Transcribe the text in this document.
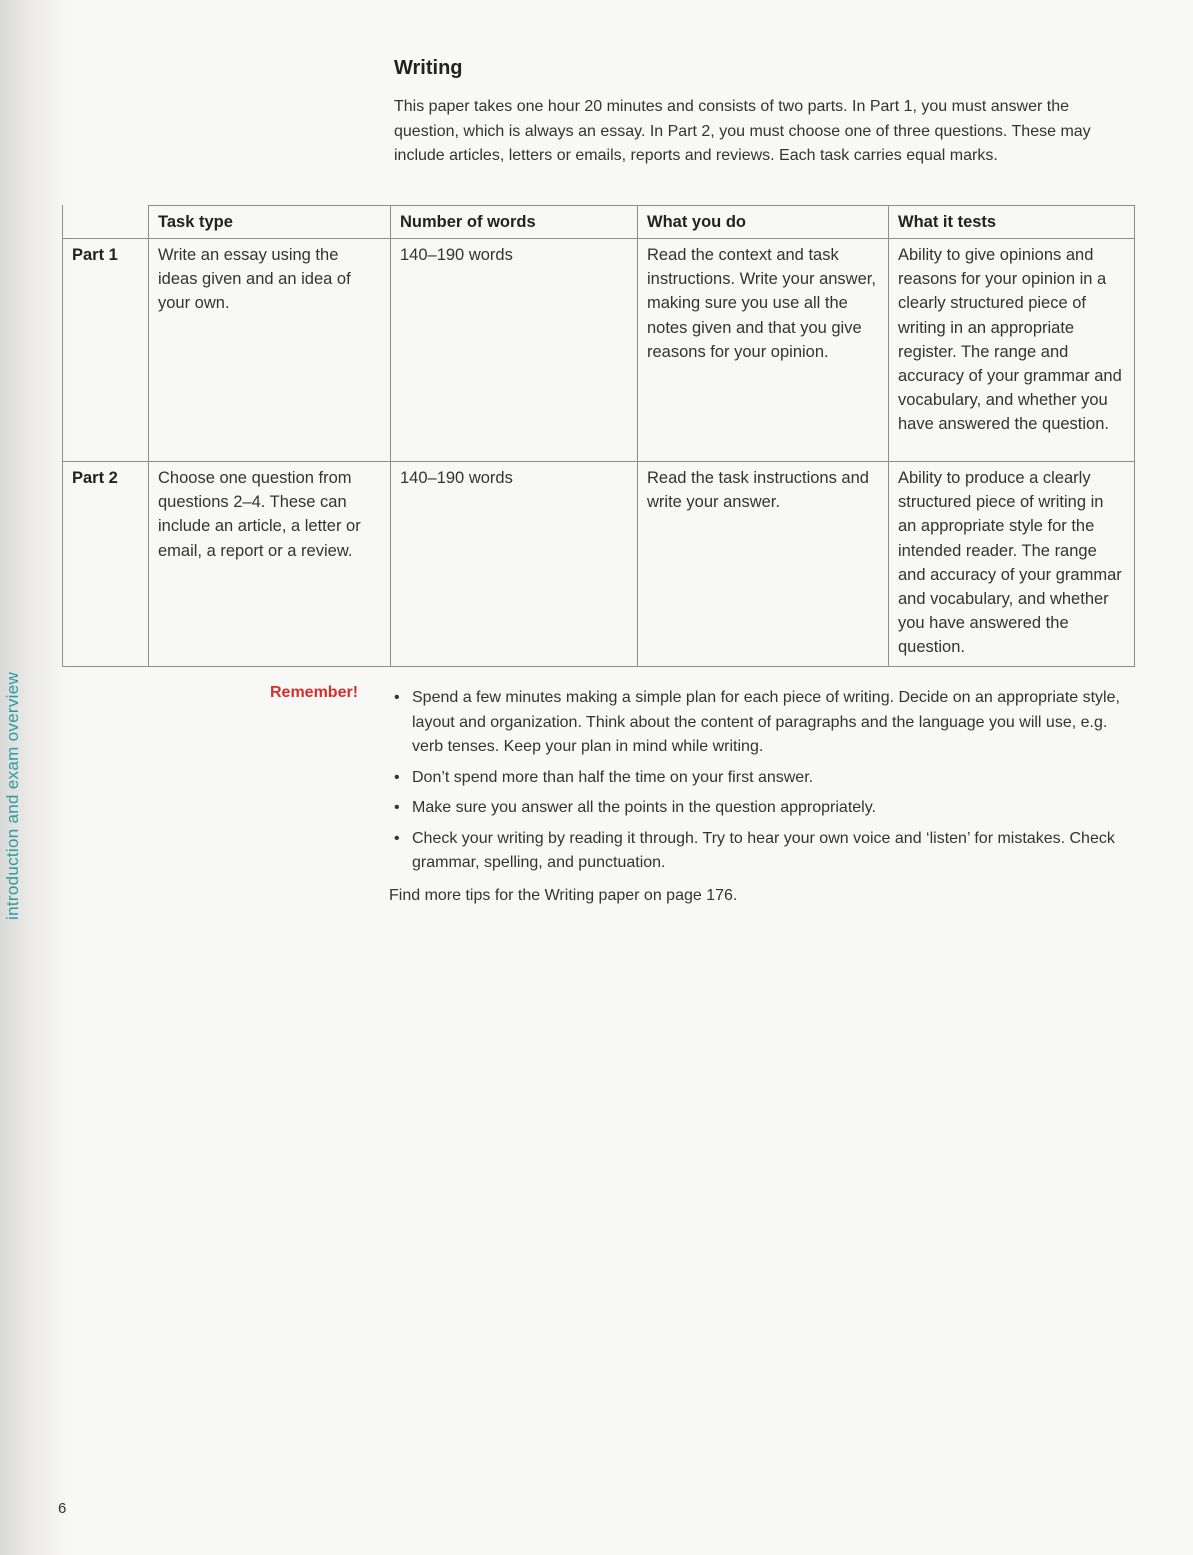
Writing

This paper takes one hour 20 minutes and consists of two parts. In Part 1, you must answer the question, which is always an essay. In Part 2, you must choose one of three questions. These may include articles, letters or emails, reports and reviews. Each task carries equal marks.

	Task type	Number of words	What you do	What it tests
Part 1	Write an essay using the ideas given and an idea of your own.	140–190 words	Read the context and task instructions. Write your answer, making sure you use all the notes given and that you give reasons for your opinion.	Ability to give opinions and reasons for your opinion in a clearly structured piece of writing in an appropriate register. The range and accuracy of your grammar and vocabulary, and whether you have answered the question.
Part 2	Choose one question from questions 2–4. These can include an article, a letter or email, a report or a review.	140–190 words	Read the task instructions and write your answer.	Ability to produce a clearly structured piece of writing in an appropriate style for the intended reader. The range and accuracy of your grammar and vocabulary, and whether you have answered the question.
Remember! • Spend a few minutes making a simple plan for each piece of writing. Decide on an appropriate style, layout and organization. Think about the content of paragraphs and the language you will use, e.g. verb tenses. Keep your plan in mind while writing.
• Don’t spend more than half the time on your first answer.
• Make sure you answer all the points in the question appropriately.
• Check your writing by reading it through. Try to hear your own voice and ‘listen’ for mistakes. Check grammar, spelling, and punctuation.
Find more tips for the Writing paper on page 176.
6
